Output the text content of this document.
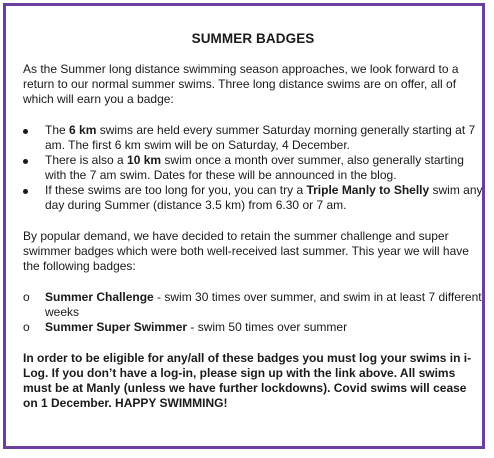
SUMMER BADGES

As the Summer long distance swimming season approaches, we look forward to a return to our normal summer swims. Three long distance swims are on offer, all of which will earn you a badge:

The 6 km swims are held every summer Saturday morning generally starting at 7 am. The first 6 km swim will be on Saturday, 4 December.
There is also a 10 km swim once a month over summer, also generally starting with the 7 am swim. Dates for these will be announced in the blog.
If these swims are too long for you, you can try a Triple Manly to Shelly swim any day during Summer (distance 3.5 km) from 6.30 or 7 am.

By popular demand, we have decided to retain the summer challenge and super swimmer badges which were both well-received last summer. This year we will have the following badges:

o	Summer Challenge - swim 30 times over summer, and swim in at least 7 different weeks
o	Summer Super Swimmer - swim 50 times over summer

In order to be eligible for any/all of these badges you must log your swims in i-Log. If you don’t have a log-in, please sign up with the link above. All swims must be at Manly (unless we have further lockdowns). Covid swims will cease on 1 December. HAPPY SWIMMING!
